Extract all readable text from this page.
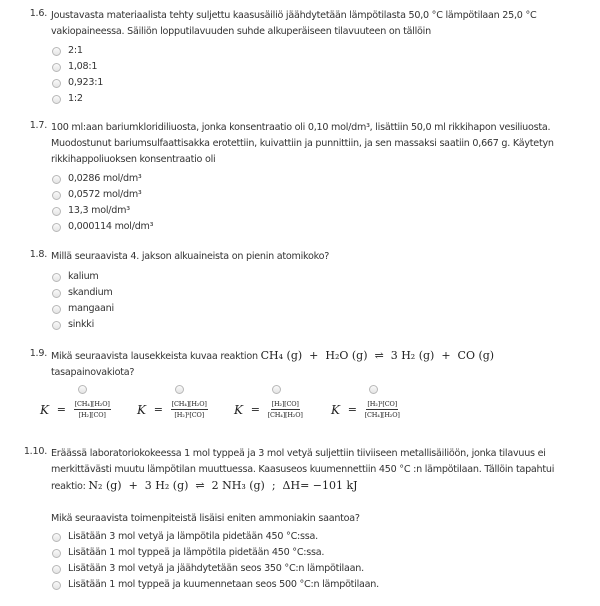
1.6. Joustavasta materiaalista tehty suljettu kaasusäiliö jäähdytetään lämpötilasta 50,0 °C lämpötilaan 25,0 °C
vakiopaineessa. Säiliön lopputilavuuden suhde alkuperäiseen tilavuuteen on tällöin
2:1
1,08:1
0,923:1
1:2
1.7. 100 ml:aan bariumkloridiliuosta, jonka konsentraatio oli 0,10 mol/dm³, lisättiin 50,0 ml rikkihapon vesiliuosta.
Muodostunut bariumsulfaattisakka erotettiin, kuivattiin ja punnittiin, ja sen massaksi saatiin 0,667 g. Käytetyn
rikkihappoliuoksen konsentraatio oli
0,0286 mol/dm³
0,0572 mol/dm³
13,3 mol/dm³
0,000114 mol/dm³
1.8. Millä seuraavista 4. jakson alkuaineista on pienin atomikoko?
kalium
skandium
mangaani
sinkki
1.9. Mikä seuraavista lausekkeista kuvaa reaktion CH₄ (g)  +  H₂O (g)  ⇌  3 H₂ (g)  +  CO (g)
tasapainovakiota?
$K = \frac{\text{[CH₄][H₂O]}}{\text{[H₂][CO]}}$ $K = \frac{\text{[CH₄][H₂O]}}{\text{[H₂]³[CO]}}$ $K = \frac{\text{[H₂][CO]}}{\text{[CH₄][H₂O]}}$ $K = \frac{\text{[H₂]³[CO]}}{\text{[CH₄][H₂O]}}$
1.10. Eräässä laboratoriokokeessa 1 mol typpeä ja 3 mol vetyä suljettiin tiiviiseen metallisäiliöön, jonka tilavuus ei
merkittävästi muutu lämpötilan muuttuessa. Kaasuseos kuumennettiin 450 °C :n lämpötilaan. Tällöin tapahtui
reaktio: N₂ (g)  +  3 H₂ (g)  ⇌  2 NH₃ (g)  ;  ΔH= −101 kJ
Mikä seuraavista toimenpiteistä lisäisi eniten ammoniakin saantoa?
Lisätään 3 mol vetyä ja lämpötila pidetään 450 °C:ssa.
Lisätään 1 mol typpeä ja lämpötila pidetään 450 °C:ssa.
Lisätään 3 mol vetyä ja jäähdytetään seos 350 °C:n lämpötilaan.
Lisätään 1 mol typpeä ja kuumennetaan seos 500 °C:n lämpötilaan.
